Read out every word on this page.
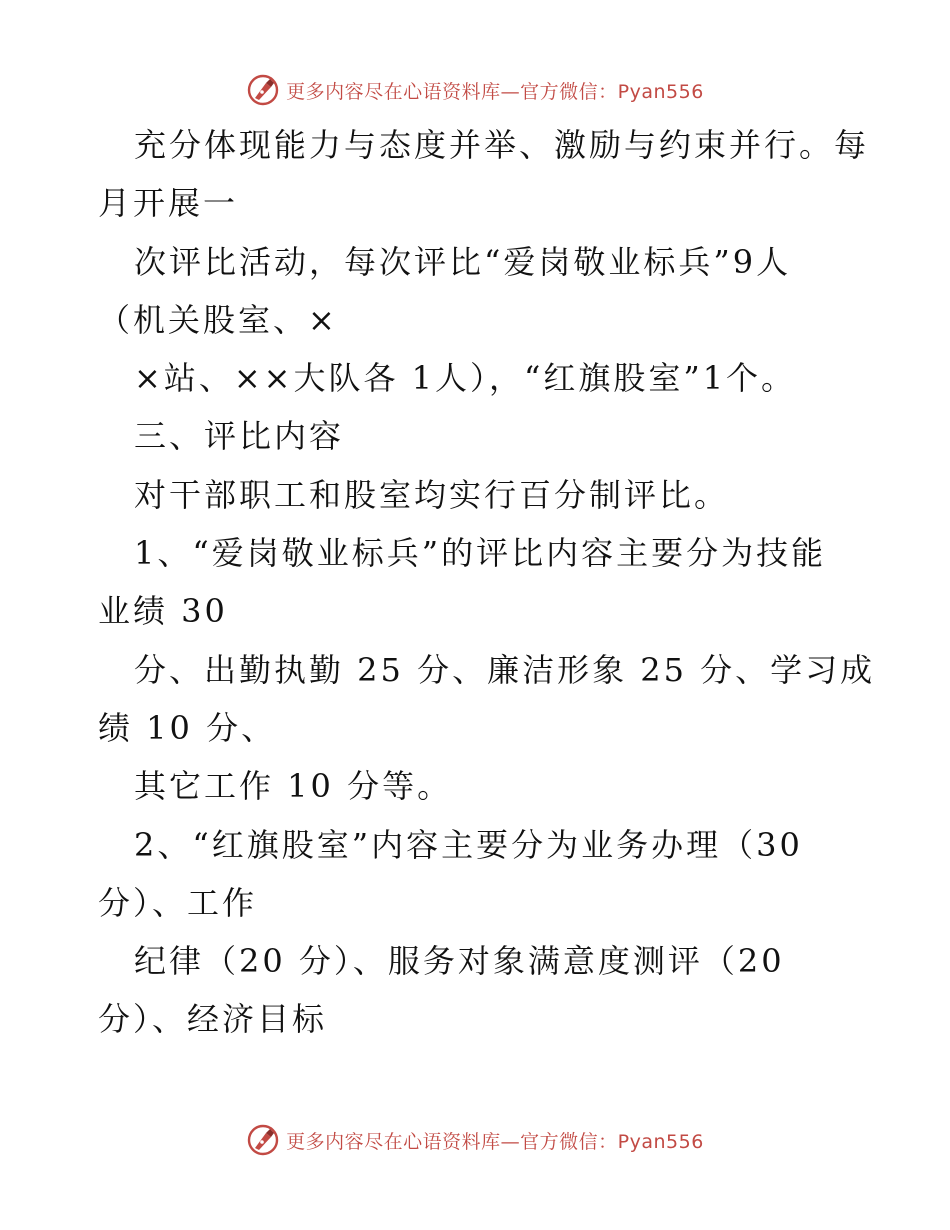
更多内容尽在心语资料库—官方微信：Pyan556
充分体现能力与态度并举、激励与约束并行。每
月开展一
次评比活动，每次评比“爱岗敬业标兵”9人
（机关股室、×
×站、××大队各 1人），“红旗股室”1个。
三、评比内容
对干部职工和股室均实行百分制评比。
1、“爱岗敬业标兵”的评比内容主要分为技能
业绩 30
分、出勤执勤 25 分、廉洁形象 25 分、学习成
绩 10 分、
其它工作 10 分等。
2、“红旗股室”内容主要分为业务办理（30
分）、工作
纪律（20 分）、服务对象满意度测评（20
分）、经济目标
更多内容尽在心语资料库—官方微信：Pyan556
